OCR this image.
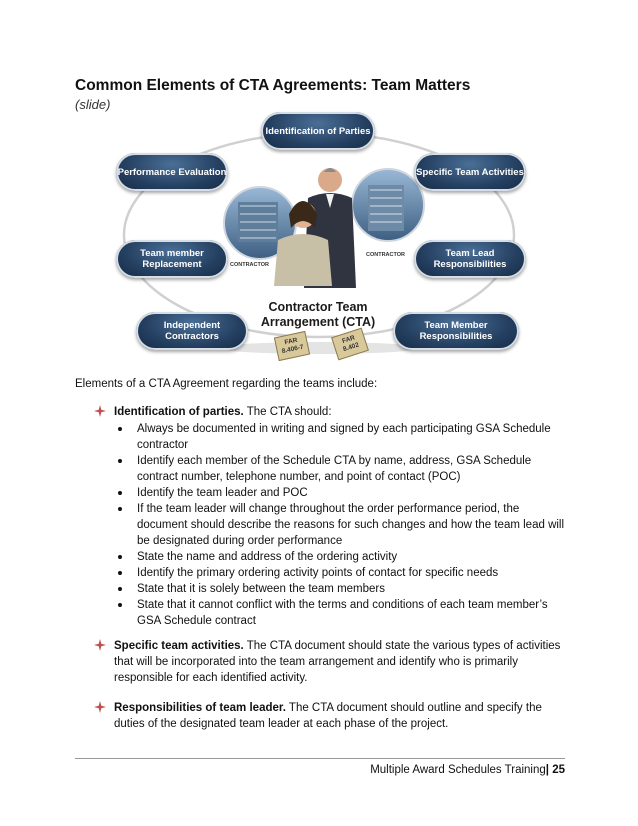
Common Elements of CTA Agreements: Team Matters
(slide)
Identification of Parties
Performance Evaluation	Specific Team Activities
Team member Replacement
Team Lead Responsibilities
Independent Contractors
Team Member Responsibilities
CONTRACTOR
CONTRACTOR
Contractor Team
Arrangement (CTA)
FAR 8.406-7
FAR 8.402
Elements of a CTA Agreement regarding the teams include:
Identification of parties. The CTA should:
Always be documented in writing and signed by each participating GSA Schedule contractor
Identify each member of the Schedule CTA by name, address, GSA Schedule contract number, telephone number, and point of contact (POC)
Identify the team leader and POC
If the team leader will change throughout the order performance period, the document should describe the reasons for such changes and how the team lead will be designated during order performance
State the name and address of the ordering activity
Identify the primary ordering activity points of contact for specific needs
State that it is solely between the team members
State that it cannot conflict with the terms and conditions of each team member’s GSA Schedule contract
Specific team activities. The CTA document should state the various types of activities that will be incorporated into the team arrangement and identify who is primarily responsible for each identified activity.
Responsibilities of team leader. The CTA document should outline and specify the duties of the designated team leader at each phase of the project.
Multiple Award Schedules Training| 25
